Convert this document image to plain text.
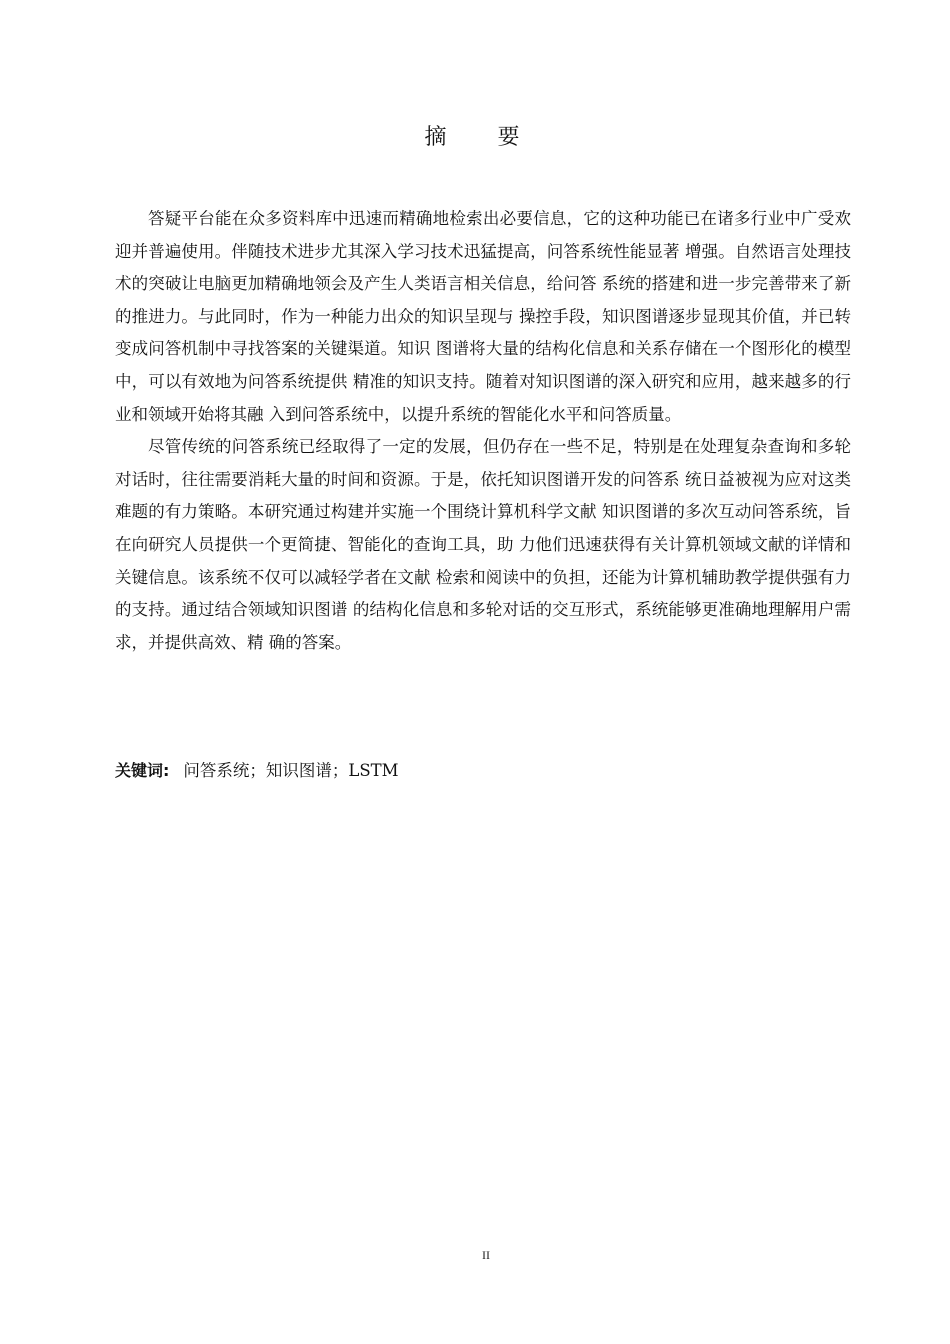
摘 要

答疑平台能在众多资料库中迅速而精确地检索出必要信息，它的这种功能已在诸多行业中广受欢迎并普遍使用。伴随技术进步尤其深入学习技术迅猛提高，问答系统性能显著 增强。自然语言处理技术的突破让电脑更加精确地领会及产生人类语言相关信息，给问答 系统的搭建和进一步完善带来了新的推进力。与此同时，作为一种能力出众的知识呈现与 操控手段，知识图谱逐步显现其价值，并已转变成问答机制中寻找答案的关键渠道。知识 图谱将大量的结构化信息和关系存储在一个图形化的模型中，可以有效地为问答系统提供 精准的知识支持。随着对知识图谱的深入研究和应用，越来越多的行业和领域开始将其融 入到问答系统中，以提升系统的智能化水平和问答质量。

尽管传统的问答系统已经取得了一定的发展，但仍存在一些不足，特别是在处理复杂查询和多轮对话时，往往需要消耗大量的时间和资源。于是，依托知识图谱开发的问答系 统日益被视为应对这类难题的有力策略。本研究通过构建并实施一个围绕计算机科学文献 知识图谱的多次互动问答系统，旨在向研究人员提供一个更简捷、智能化的查询工具，助 力他们迅速获得有关计算机领域文献的详情和关键信息。该系统不仅可以减轻学者在文献 检索和阅读中的负担，还能为计算机辅助教学提供强有力的支持。通过结合领域知识图谱 的结构化信息和多轮对话的交互形式，系统能够更准确地理解用户需求，并提供高效、精 确的答案。

关键词: 问答系统；知识图谱；LSTM
II
